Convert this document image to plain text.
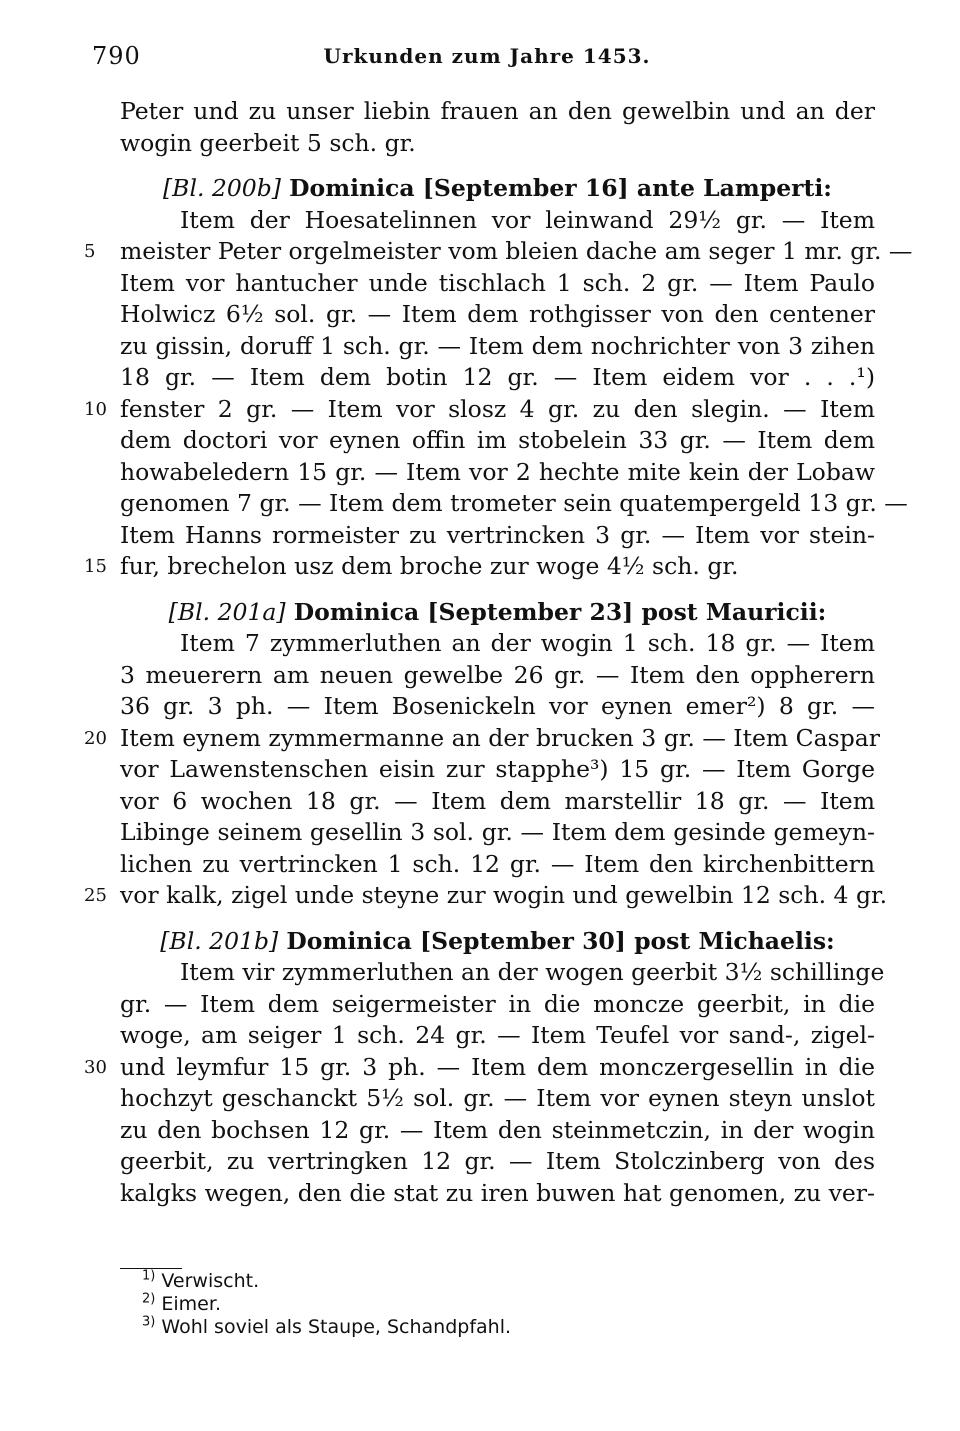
790	Urkunden zum Jahre 1453.
Peter und zu unser liebin frauen an den gewelbin und an der
wogin geerbeit 5 sch. gr.
[Bl. 200b] Dominica [September 16] ante Lamperti:
Item der Hoesatelinnen vor leinwand 29½ gr. — Item
5	meister Peter orgelmeister vom bleien dache am seger 1 mr. gr. —
Item vor hantucher unde tischlach 1 sch. 2 gr. — Item Paulo
Holwicz 6½ sol. gr. — Item dem rothgisser von den centener
zu gissin, doruff 1 sch. gr. — Item dem nochrichter von 3 zihen
18 gr. — Item dem botin 12 gr. — Item eidem vor . . .¹)
10 fenster 2 gr. — Item vor slosz 4 gr. zu den slegin. — Item
dem doctori vor eynen offin im stobelein 33 gr. — Item dem
howabeledern 15 gr. — Item vor 2 hechte mite kein der Lobaw
genomen 7 gr. — Item dem trometer sein quatempergeld 13 gr. —
Item Hanns rormeister zu vertrincken 3 gr. — Item vor stein-
15 fur, brechelon usz dem broche zur woge 4½ sch. gr.
[Bl. 201a] Dominica [September 23] post Mauricii:
Item 7 zymmerluthen an der wogin 1 sch. 18 gr. — Item
3 meuerern am neuen gewelbe 26 gr. — Item den oppherern
36 gr. 3 ph. — Item Bosenickeln vor eynen emer²) 8 gr. —
20 Item eynem zymmermanne an der brucken 3 gr. — Item Caspar
vor Lawenstenschen eisin zur stapphe³) 15 gr. — Item Gorge
vor 6 wochen 18 gr. — Item dem marstellir 18 gr. — Item
Libinge seinem gesellin 3 sol. gr. — Item dem gesinde gemeyn-
lichen zu vertrincken 1 sch. 12 gr. — Item den kirchenbittern
25 vor kalk, zigel unde steyne zur wogin und gewelbin 12 sch. 4 gr.
[Bl. 201b] Dominica [September 30] post Michaelis:
Item vir zymmerluthen an der wogen geerbit 3½ schillinge
gr. — Item dem seigermeister in die moncze geerbit, in die
woge, am seiger 1 sch. 24 gr. — Item Teufel vor sand-, zigel-
30 und leymfur 15 gr. 3 ph. — Item dem monczergesellin in die
hochzyt geschanckt 5½ sol. gr. — Item vor eynen steyn unslot
zu den bochsen 12 gr. — Item den steinmetczin, in der wogin
geerbit, zu vertringken 12 gr. — Item Stolczinberg von des
kalgks wegen, den die stat zu iren buwen hat genomen, zu ver-
$^{1)}$ Verwischt.
$^{2)}$ Eimer.
$^{3)}$ Wohl soviel als Staupe, Schandpfahl.
